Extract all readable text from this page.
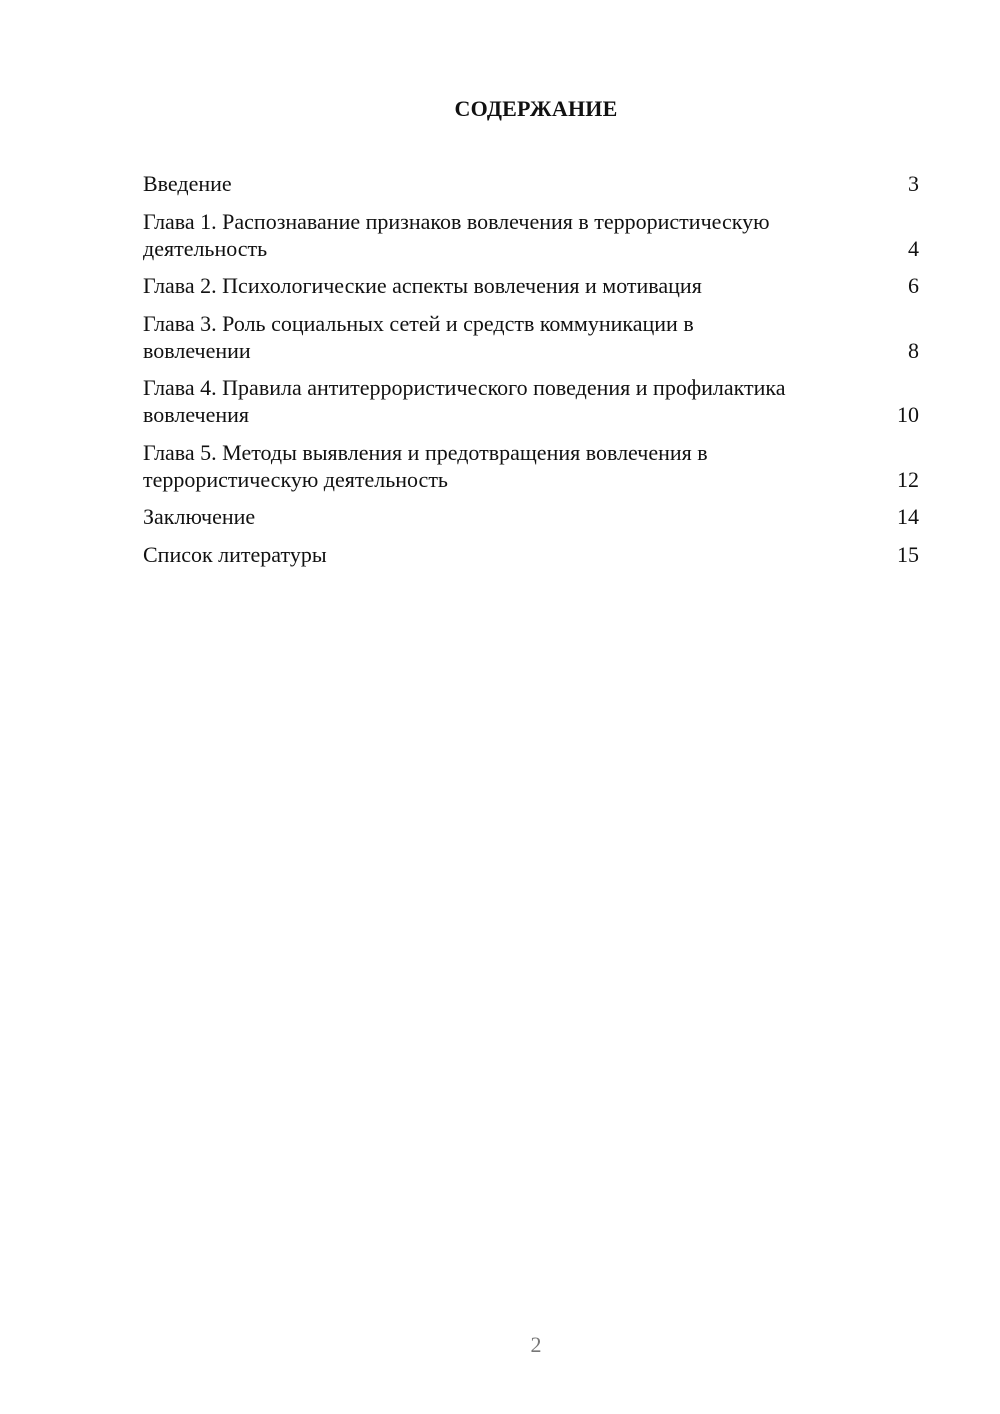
СОДЕРЖАНИЕ
Введение	3
Глава 1. Распознавание признаков вовлечения в террористическую деятельность	4
Глава 2. Психологические аспекты вовлечения и мотивация	6
Глава 3. Роль социальных сетей и средств коммуникации в вовлечении	8
Глава 4. Правила антитеррористического поведения и профилактика вовлечения	10
Глава 5. Методы выявления и предотвращения вовлечения в террористическую деятельность	12
Заключение	14
Список литературы	15
2
